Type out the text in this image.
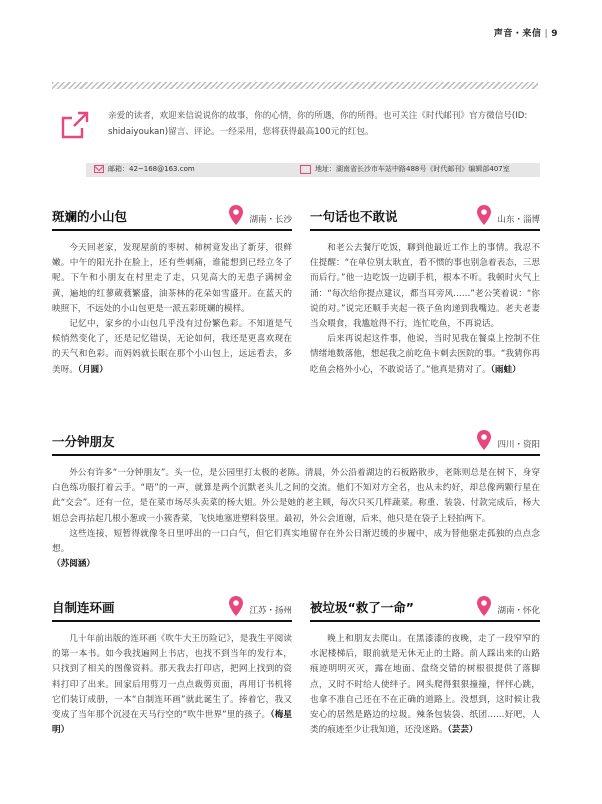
声音・来信 | 9

亲爱的读者，欢迎来信说说你的故事，你的心情，你的所遇，你的所得。也可关注《时代邮刊》官方微信号(ID: shidaiyoukan)留言、评论。一经采用，您将获得最高100元的红包。

邮箱：42~168@163.com	地址：湖南省长沙市车站中路488号《时代邮刊》编辑部407室
斑斓的小山包	湖南・长沙

今天回老家，发现屋前的枣树、柿树竟发出了新芽，很鲜嫩。中午的阳光扑在脸上，还有些刺痛，谁能想到已经立冬了呢。下午和小朋友在村里走了走，只见高大的无患子满树金黄，遍地的红蓼葳蕤繁盛，油茶林的花朵如雪盛开。在蓝天的映照下，不远处的小山包更是一派五彩斑斓的模样。

记忆中，家乡的小山包几乎没有过份繁色彩。不知道是气候悄然变化了，还是记忆错误，无论如何，我还是更喜欢现在的天气和色彩。而妈妈就长眠在那个小山包上，远远看去，多美呀。（月圆）

一句话也不敢说	山东・淄博

和老公去餐厅吃饭，聊到他最近工作上的事情。我忍不住提醒：“在单位别太耿直，看不惯的事也别急着表态，三思而后行。”他一边吃饭一边刷手机，根本不听。我顿时火气上涌：“每次给你提点建议，都当耳旁风……”老公笑着说：“你说的对。”说完还顺手夹起一筷子鱼肉递到我嘴边。老夫老妻当众喂食，我尴尬得不行，连忙吃鱼，不再说话。

后来再说起这件事，他说，当时见我在餐桌上控制不住情绪地数落他，想起我之前吃鱼卡刺去医院的事。“我猜你再吃鱼会格外小心，不敢说话了。”他真是猜对了。（雨蛙）

一分钟朋友	四川・资阳

外公有许多“一分钟朋友”。头一位，是公园里打太极的老陈。清晨，外公沿着湖边的石板路散步，老陈则总是在树下，身穿白色练功服打着云手。“晤”的一声，就算是两个沉默老头儿之间的交流。他们不知对方全名，也从未约好，却总像两颗行星在此“交会”。还有一位，是在菜市场尽头卖菜的杨大姐。外公是她的老主顾，每次只买几样蔬菜。称重、装袋、付款完成后，杨大姐总会再拈起几根小葱或一小簇香菜，飞快地塞进塑料袋里。最初，外公会道谢，后来，他只是在袋子上轻拍两下。

这些连接，短暂得就像冬日里呼出的一口白气，但它们真实地留存在外公日渐迟缓的步履中，成为替他驱走孤独的点点念想。

（苏阅涵）
自制连环画	江苏・扬州

几十年前出版的连环画《吹牛大王历险记》，是我生平阅读的第一本书。如今我找遍网上书店，也找不到当年的发行本，只找到了相关的图像资料。那天我去打印店，把网上找到的资料打印了出来。回家后用剪刀一点点裁剪页面，再用订书机将它们装订成册，一本“自制连环画”就此诞生了。捧着它，我又变成了当年那个沉浸在天马行空的“吹牛世界”里的孩子。（梅星明）

被垃圾“救了一命”	湖南・怀化

晚上和朋友去爬山。在黑漆漆的夜晚，走了一段窄窄的水泥楼梯后，眼前就是无休无止的土路。前人踩出来的山路痕迹明明灭灭，露在地面、盘绕交错的树根很提供了落脚点，又时不时给人使绊子。网头爬得狠狠撞撞，怦怦心跳，也拿不准自己还在不在正确的道路上。没想到，这时候让我安心的居然是路边的垃圾。辣条包装袋、纸团……好吧，人类的痕迹至少让我知道，还没迷路。（芸芸）
